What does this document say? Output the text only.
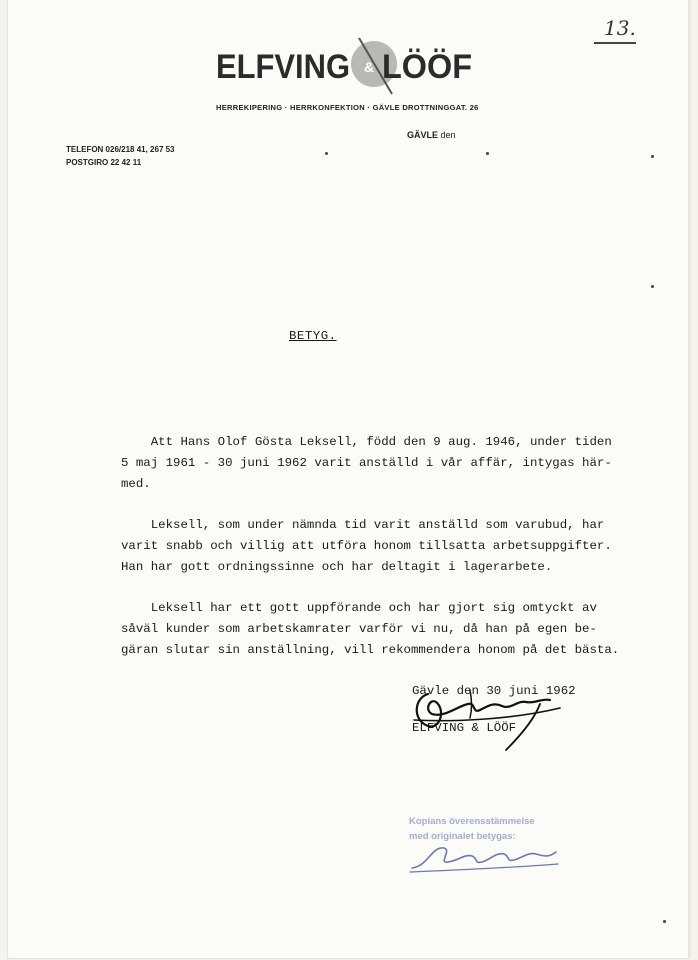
13.
ELFVING & LÖÖF
HERREKIPERING · HERRKONFEKTION · GÄVLE DROTTNINGGAT. 26
TELEFON 026/218 41, 267 53
POSTGIRO 22 42 11
GÄVLE den
BETYG.
Att Hans Olof Gösta Leksell, född den 9 aug. 1946, under tiden
5 maj 1961 - 30 juni 1962 varit anställd i vår affär, intygas här-
med.
Leksell, som under nämnda tid varit anställd som varubud, har
varit snabb och villig att utföra honom tillsatta arbetsuppgifter.
Han har gott ordningssinne och har deltagit i lagerarbete.
Leksell har ett gott uppförande och har gjort sig omtyckt av
såväl kunder som arbetskamrater varför vi nu, då han på egen be-
gäran slutar sin anställning, vill rekommendera honom på det bästa.
Gävle den 30 juni 1962
ELFVING & LÖÖF
Kopians överensstämmelse
med originalet betygas:
